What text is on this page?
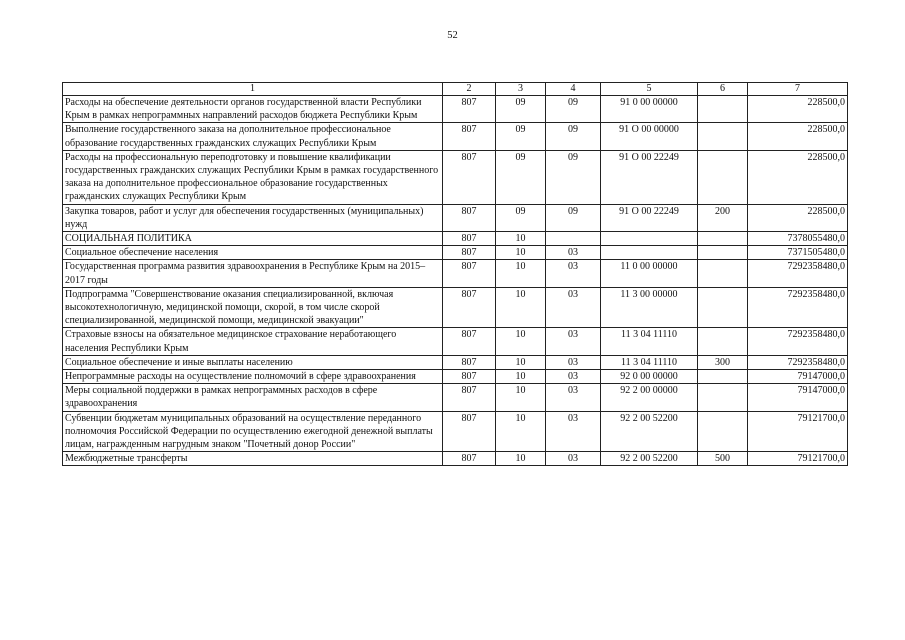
52
1	2	3	4	5	6	7
Расходы на обеспечение деятельности органов государственной власти Республики Крым в рамках непрограммных направлений расходов бюджета Республики Крым	807	09	09	91 0 00 00000		228500,0
Выполнение государственного заказа на дополнительное профессиональное образование государственных гражданских служащих Республики Крым	807	09	09	91 О 00 00000		228500,0
Расходы на профессиональную переподготовку и повышение квалификации государственных гражданских служащих Республики Крым в рамках государственного заказа на дополнительное профессиональное образование государственных гражданских служащих Республики Крым	807	09	09	91 О 00 22249		228500,0
Закупка товаров, работ и услуг для обеспечения государственных (муниципальных) нужд	807	09	09	91 О 00 22249	200	228500,0
СОЦИАЛЬНАЯ ПОЛИТИКА	807	10				7378055480,0
Социальное обеспечение населения	807	10	03			7371505480,0
Государственная программа развития здравоохранения в Республике Крым на 2015–2017 годы	807	10	03	11 0 00 00000		7292358480,0
Подпрограмма "Совершенствование оказания специализированной, включая высокотехнологичную, медицинской помощи, скорой, в том числе скорой специализированной, медицинской помощи, медицинской эвакуации"	807	10	03	11 3 00 00000		7292358480,0
Страховые взносы на обязательное медицинское страхование неработающего населения Республики Крым	807	10	03	11 3 04 11110		7292358480,0
Социальное обеспечение и иные выплаты населению	807	10	03	11 3 04 11110	300	7292358480,0
Непрограммные расходы на осуществление полномочий в сфере здравоохранения	807	10	03	92 0 00 00000		79147000,0
Меры социальной поддержки в рамках непрограммных расходов в сфере здравоохранения	807	10	03	92 2 00 00000		79147000,0
Субвенции бюджетам муниципальных образований на осуществление переданного полномочия Российской Федерации по осуществлению ежегодной денежной выплаты лицам, награжденным нагрудным знаком "Почетный донор России"	807	10	03	92 2 00 52200		79121700,0
Межбюджетные трансферты	807	10	03	92 2 00 52200	500	79121700,0
